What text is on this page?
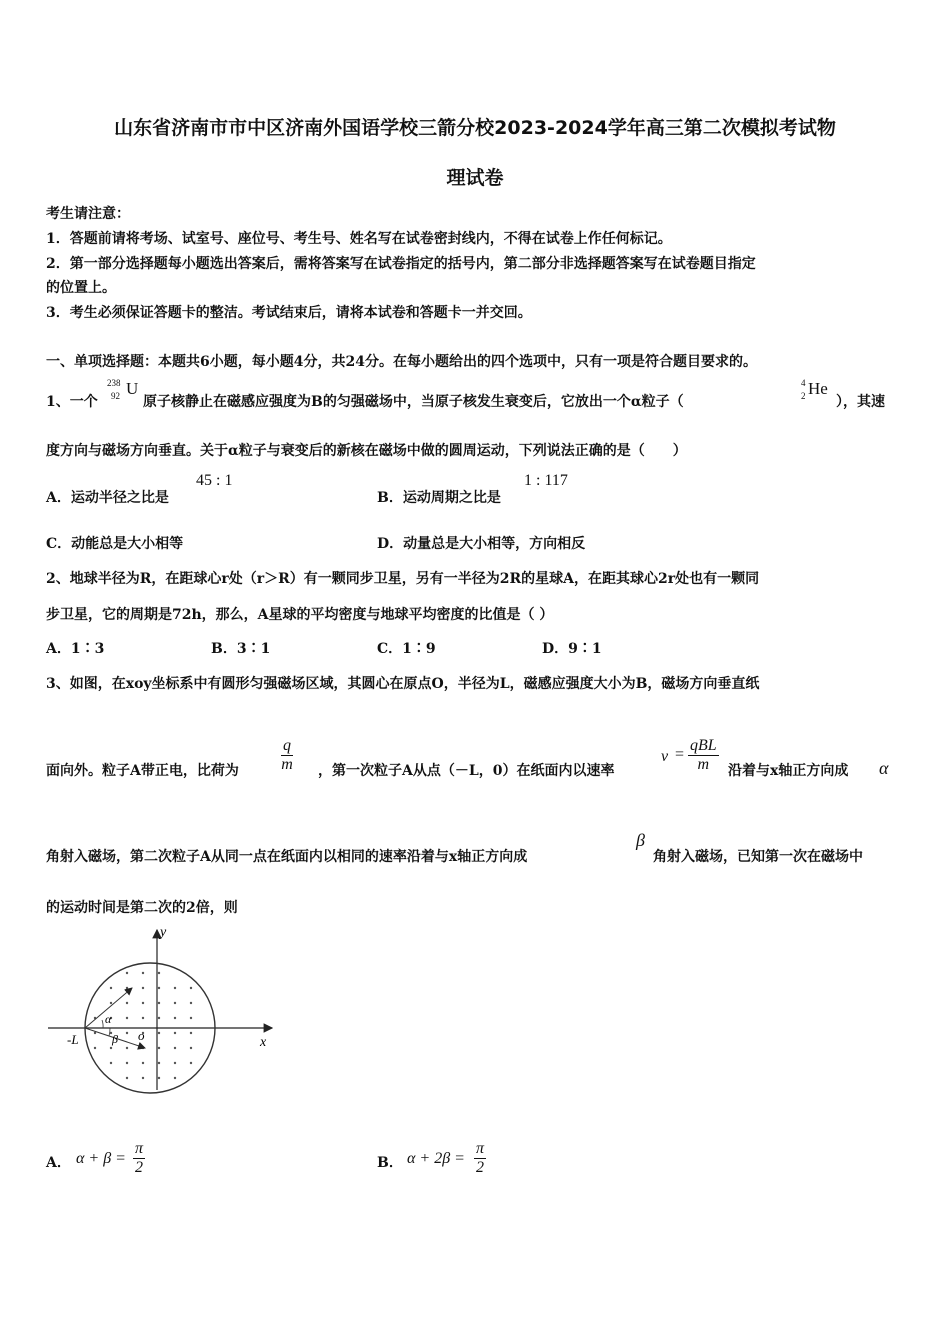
山东省济南市市中区济南外国语学校三箭分校2023-2024学年高三第二次模拟考试物
理试卷
考生请注意：
1．答题前请将考场、试室号、座位号、考生号、姓名写在试卷密封线内，不得在试卷上作任何标记。
2．第一部分选择题每小题选出答案后，需将答案写在试卷指定的括号内，第二部分非选择题答案写在试卷题目指定
的位置上。
3．考生必须保证答题卡的整洁。考试结束后，请将本试卷和答题卡一并交回。
一、单项选择题：本题共6小题，每小题4分，共24分。在每小题给出的四个选项中，只有一项是符合题目要求的。
1、一个
238
92 U
原子核静止在磁感应强度为B的匀强磁场中，当原子核发生衰变后，它放出一个α粒子（
4
2 He
），其速
度方向与磁场方向垂直。关于α粒子与衰变后的新核在磁场中做的圆周运动，下列说法正确的是（　　）
A．运动半径之比是
45 : 1
B．运动周期之比是
1 : 117
C．动能总是大小相等	D．动量总是大小相等，方向相反
2、地球半径为R，在距球心r处（r＞R）有一颗同步卫星，另有一半径为2R的星球A，在距其球心2r处也有一颗同
步卫星，它的周期是72h，那么，A星球的平均密度与地球平均密度的比值是（ ）
A．1∶3	B．3∶1	C．1∶9	D．9∶1
3、如图，在xoy坐标系中有圆形匀强磁场区域，其圆心在原点O，半径为L，磁感应强度大小为B，磁场方向垂直纸
面向外。粒子A带正电，比荷为	$\frac{q}{m}$ ，第一次粒子A从点（－L，0）在纸面内以速率
v =
qBL
m	沿着与x轴正方向成 α
角射入磁场，第二次粒子A从同一点在纸面内以相同的速率沿着与x轴正方向成
β
角射入磁场，已知第一次在磁场中
的运动时间是第二次的2倍，则
y
x
o
-L
α
β
A． $\alpha + \beta = \frac{\pi}{2}$	B． $\alpha + 2\beta = \frac{\pi}{2}$
